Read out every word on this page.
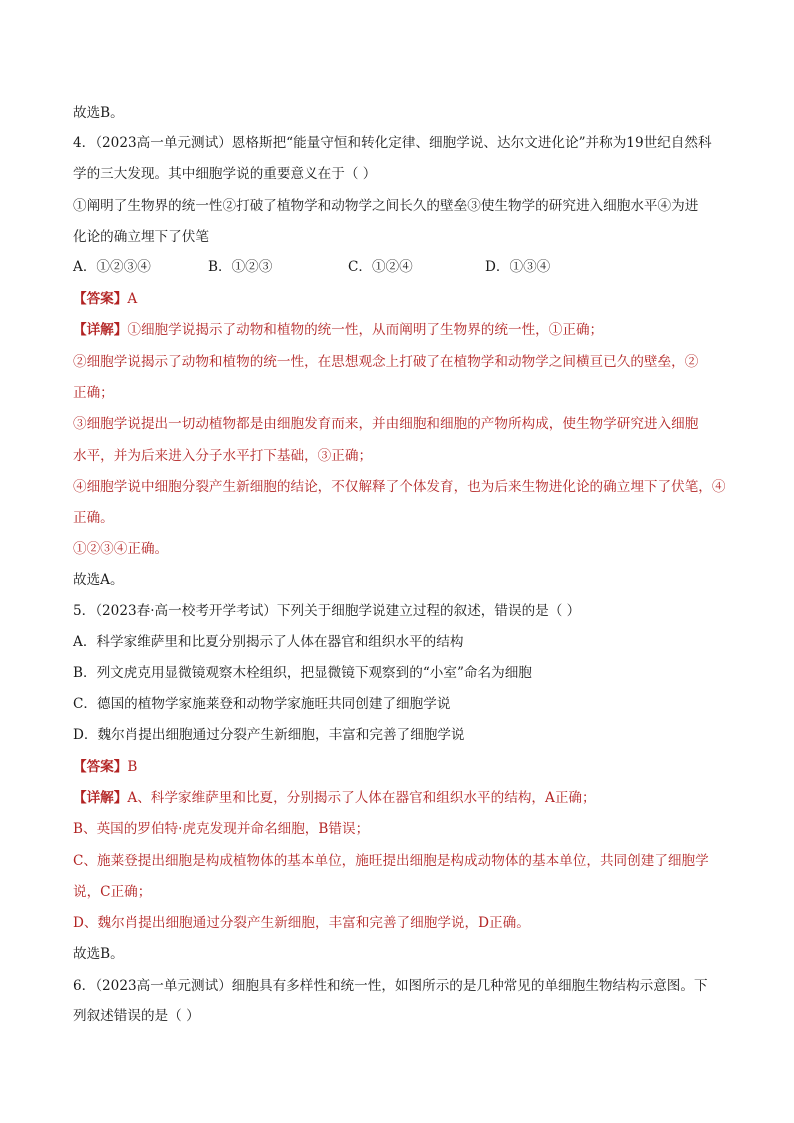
故选B。
4．（2023高一单元测试）恩格斯把“能量守恒和转化定律、细胞学说、达尔文进化论”并称为19世纪自然科
学的三大发现。其中细胞学说的重要意义在于（ ）
①阐明了生物界的统一性②打破了植物学和动物学之间长久的壁垒③使生物学的研究进入细胞水平④为进
化论的确立埋下了伏笔
A．①②③④	B．①②③	C．①②④	D．①③④
【答案】A
【详解】①细胞学说揭示了动物和植物的统一性，从而阐明了生物界的统一性，①正确；
②细胞学说揭示了动物和植物的统一性，在思想观念上打破了在植物学和动物学之间横亘已久的壁垒，②
正确；
③细胞学说提出一切动植物都是由细胞发育而来，并由细胞和细胞的产物所构成，使生物学研究进入细胞
水平，并为后来进入分子水平打下基础，③正确；
④细胞学说中细胞分裂产生新细胞的结论，不仅解释了个体发育，也为后来生物进化论的确立埋下了伏笔，④
正确。
①②③④正确。
故选A。
5．（2023春·高一校考开学考试）下列关于细胞学说建立过程的叙述，错误的是（ ）
A．科学家维萨里和比夏分别揭示了人体在器官和组织水平的结构
B．列文虎克用显微镜观察木栓组织，把显微镜下观察到的“小室”命名为细胞
C．德国的植物学家施莱登和动物学家施旺共同创建了细胞学说
D．魏尔肖提出细胞通过分裂产生新细胞，丰富和完善了细胞学说
【答案】B
【详解】A、科学家维萨里和比夏，分别揭示了人体在器官和组织水平的结构，A正确；
B、英国的罗伯特·虎克发现并命名细胞，B错误；
C、施莱登提出细胞是构成植物体的基本单位，施旺提出细胞是构成动物体的基本单位，共同创建了细胞学
说，C正确；
D、魏尔肖提出细胞通过分裂产生新细胞，丰富和完善了细胞学说，D正确。
故选B。
6．（2023高一单元测试）细胞具有多样性和统一性，如图所示的是几种常见的单细胞生物结构示意图。下
列叙述错误的是（ ）
